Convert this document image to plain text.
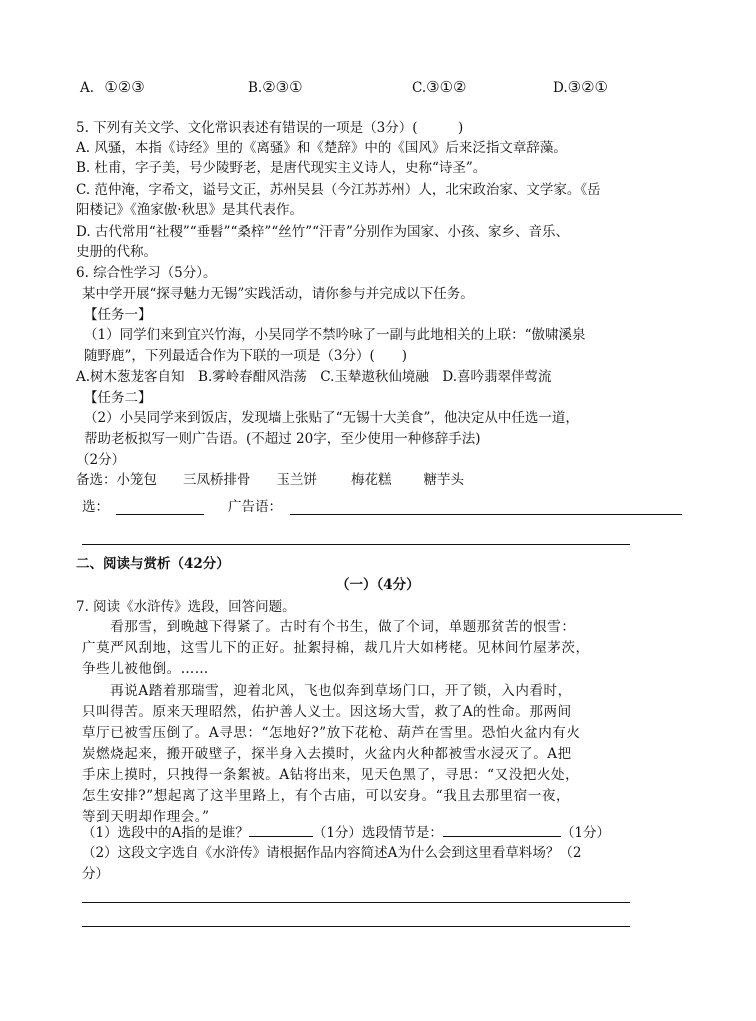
A. ①②③	B.②③①	C.③①②	D.③②①
5. 下列有关文学、文化常识表述有错误的一项是（3分）(　　　)
A. 风骚，本指《诗经》里的《离骚》和《楚辞》中的《国风》后来泛指文章辞藻。
B. 杜甫，字子美，号少陵野老，是唐代现实主义诗人，史称“诗圣”。
C. 范仲淹，字希文，谥号文正，苏州吴县（今江苏苏州）人，北宋政治家、文学家。《岳
阳楼记》《渔家傲·秋思》是其代表作。
D. 古代常用“社稷”“垂髫”“桑梓”“丝竹”“汗青”分别作为国家、小孩、家乡、音乐、
史册的代称。
6. 综合性学习（5分）。
某中学开展“探寻魅力无锡”实践活动，请你参与并完成以下任务。
【任务一】
（1）同学们来到宜兴竹海，小吴同学不禁吟咏了一副与此地相关的上联：“傲啸溪泉
随野鹿”，下列最适合作为下联的一项是（3分）(　　)
A.树木葱茏客自知　B.雾岭春酣风浩荡　C.玉辇遨秋仙境融　D.喜吟翡翠伴莺流
【任务二】
（2）小吴同学来到饭店，发现墙上张贴了“无锡十大美食”，他决定从中任选一道，
帮助老板拟写一则广告语。(不超过 20字，至少使用一种修辞手法)
（2分）
备选：小笼包 三凤桥排骨 玉兰饼	梅花糕 糖芋头
选：	广告语：
二、阅读与赏析（42分）
（一）（4分）
7. 阅读《水浒传》选段，回答问题。
　　看那雪，到晚越下得紧了。古时有个书生，做了个词，单题那贫苦的恨雪：
广莫严风刮地，这雪儿下的正好。扯絮挦棉，裁几片大如栲栳。见林间竹屋茅茨，
争些儿被他倒。……
　　再说A踏着那瑞雪，迎着北风，飞也似奔到草场门口，开了锁，入内看时，
只叫得苦。原来天理昭然，佑护善人义士。因这场大雪，救了A的性命。那两间
草厅已被雪压倒了。A寻思：“怎地好?”放下花枪、葫芦在雪里。恐怕火盆内有火
炭燃烧起来，搬开破壁子，探半身入去摸时，火盆内火种都被雪水浸灭了。A把
手床上摸时，只拽得一条絮被。A钻将出来，见天色黑了，寻思：“又没把火处，
怎生安排?”想起离了这半里路上，有个古庙，可以安身。“我且去那里宿一夜，
等到天明却作理会。”
（1）选段中的A指的是谁？	（1分）选段情节是：	（1分）
（2）这段文字选自《水浒传》请根据作品内容简述A为什么会到这里看草料场？（2
分）
